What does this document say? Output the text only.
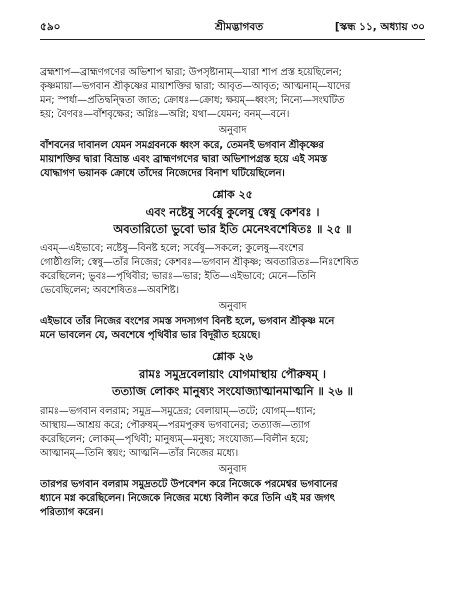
৫৯০	শ্রীমদ্ভাগবত	[স্কন্ধ ১১, অধ্যায় ৩০
ব্রহ্মশাপ—ব্রাহ্মণগণের অভিশাপ দ্বারা; উপসৃষ্টানাম্—যারা শাপ প্রস্ত হয়েছিলেন;
কৃষ্ণমায়া—ভগবান শ্রীকৃষ্ণের মায়াশক্তির দ্বারা; আবৃত—আবৃত; আত্মনাম্—যাদের
মন; স্পর্ধা—প্রতিদ্বন্দ্বিতা জাত; ক্রোধঃ—ক্রোধ; ক্ষয়ম্—ধ্বংস; নিন্যে—সংঘটিত
হয়; বৈণবঃ—বাঁশবৃক্ষের; অগ্নিঃ—অগ্নি; যথা—যেমন; বনম্—বনে।
অনুবাদ
বাঁশবনের দাবানল যেমন সমগ্রবনকে ধ্বংস করে, তেমনই ভগবান শ্রীকৃষ্ণের
মায়াশক্তির দ্বারা বিভ্রান্ত এবং ব্রাহ্মণগণের দ্বারা অভিশাপগ্রস্ত হয়ে এই সমস্ত
যোদ্ধাগণ ভয়ানক ক্রোধে তাঁদের নিজেদের বিনাশ ঘটিয়েছিলেন।
শ্লোক ২৫
এবং নষ্টেষু সর্বেষু কুলেষু স্বেষু কেশবঃ ।
অবতারিতো ভুবো ভার ইতি মেনেঽবশেষিতঃ ॥ ২৫ ॥
এবম্—এইভাবে; নষ্টেষু—বিনষ্ট হলে; সর্বেষু—সকলে; কুলেষু—বংশের
গোষ্ঠীগুলি; স্বেষু—তাঁর নিজের; কেশবঃ—ভগবান শ্রীকৃষ্ণ; অবতারিতঃ—নিঃশেষিত
করেছিলেন; ভুবঃ—পৃথিবীর; ভারঃ—ভার; ইতি—এইভাবে; মেনে—তিনি
ভেবেছিলেন; অবশেষিতঃ—অবশিষ্ট।
অনুবাদ
এইভাবে তাঁর নিজের বংশের সমস্ত সদস্যগণ বিনষ্ট হলে, ভগবান শ্রীকৃষ্ণ মনে
মনে ভাবলেন যে, অবশেষে পৃথিবীর ভার বিদূরীত হয়েছে।
শ্লোক ২৬
রামঃ সমুদ্রবেলায়াং যোগমাস্থায় পৌরুষম্ ।
তত্যাজ লোকং মানুষ্যং সংযোজ্যাত্মানমাত্মনি ॥ ২৬ ॥
রামঃ—ভগবান বলরাম; সমুদ্র—সমুদ্রের; বেলায়াম্—তটে; যোগম্—ধ্যান;
আস্থায়—আশ্রয় করে; পৌরুষম্—পরমপুরুষ ভগবানের; তত্যাজ—ত্যাগ
করেছিলেন; লোকম্—পৃথিবী; মানুষ্যম্—মনুষ্য; সংযোজ্য—বিলীন হয়ে;
আত্মানম্—তিনি স্বয়ং; আত্মনি—তাঁর নিজের মধ্যে।
অনুবাদ
তারপর ভগবান বলরাম সমুদ্রতটে উপবেশন করে নিজেকে পরমেশ্বর ভগবানের
ধ্যানে মগ্ন করেছিলেন। নিজেকে নিজের মধ্যে বিলীন করে তিনি এই মর জগৎ
পরিত্যাগ করেন।
